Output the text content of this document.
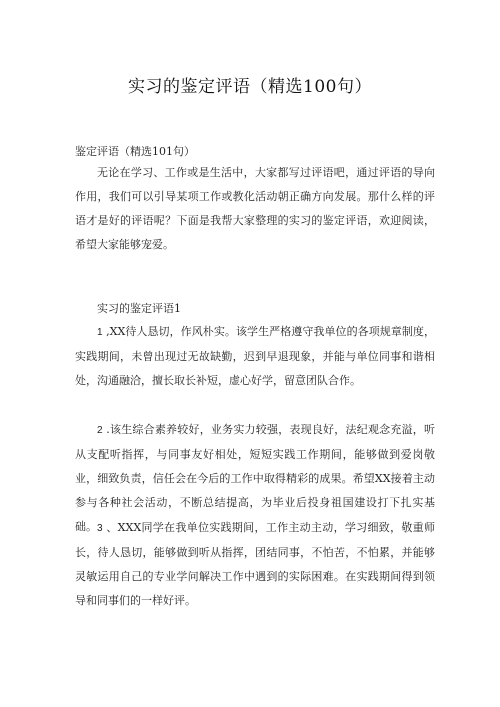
实习的鉴定评语（精选100句）
鉴定评语（精选101句）

无论在学习、工作或是生活中，大家都写过评语吧，通过评语的导向作用，我们可以引导某项工作或教化活动朝正确方向发展。那什么样的评语才是好的评语呢？下面是我帮大家整理的实习的鉴定评语，欢迎阅读，希望大家能够宠爱。

实习的鉴定评语1

1 ,XX待人恳切，作风朴实。该学生严格遵守我单位的各项规章制度，实践期间，未曾出现过无故缺勤，迟到早退现象，并能与单位同事和谐相处，沟通融洽，擅长取长补短，虚心好学，留意团队合作。

2 .该生综合素养较好，业务实力较强，表现良好，法纪观念充溢，听从支配听指挥，与同事友好相处，短短实践工作期间，能够做到爱岗敬业，细致负责，信任会在今后的工作中取得精彩的成果。希望XX接着主动参与各种社会活动，不断总结提高，为毕业后投身祖国建设打下扎实基础。 3 、XXX同学在我单位实践期间，工作主动主动，学习细致，敬重师长，待人恳切，能够做到听从指挥，团结同事，不怕苦，不怕累，并能够灵敏运用自己的专业学问解决工作中遇到的实际困难。在实践期间得到领导和同事们的一样好评。
